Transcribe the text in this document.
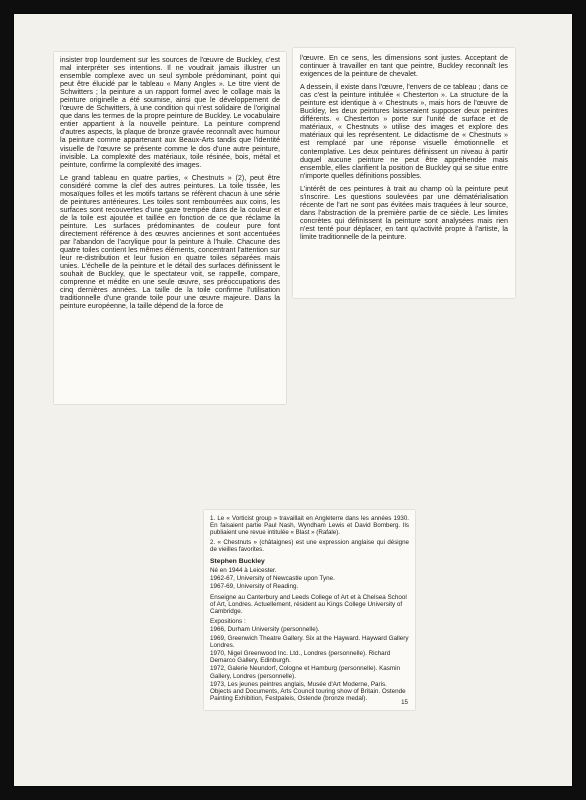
insister trop lourdement sur les sources de l'œuvre de Buckley, c'est mal interpréter ses intentions. Il ne voudrait jamais illustrer un ensemble complexe avec un seul symbole prédominant, point qui peut être élucidé par le tableau « Many Angles ». Le titre vient de Schwitters ; la peinture a un rapport formel avec le collage mais la peinture originelle a été soumise, ainsi que le développement de l'œuvre de Schwitters, à une condition qui n'est solidaire de l'original que dans les termes de la propre peinture de Buckley. Le vocabulaire entier appartient à la nouvelle peinture. La peinture comprend d'autres aspects, la plaque de bronze gravée reconnaît avec humour la peinture comme appartenant aux Beaux-Arts tandis que l'identité visuelle de l'œuvre se présente comme le dos d'une autre peinture, invisible. La complexité des matériaux, toile résinée, bois, métal et peinture, confirme la complexité des images.

Le grand tableau en quatre parties, « Chestnuts » (2), peut être considéré comme la clef des autres peintures. La toile tissée, les mosaïques folles et les motifs tartans se réfèrent chacun à une série de peintures antérieures. Les toiles sont rembourrées aux coins, les surfaces sont recouvertes d'une gaze trempée dans de la couleur et de la toile est ajoutée et taillée en fonction de ce que réclame la peinture. Les surfaces prédominantes de couleur pure font directement référence à des œuvres anciennes et sont accentuées par l'abandon de l'acrylique pour la peinture à l'huile. Chacune des quatre toiles contient les mêmes éléments, concentrant l'attention sur leur re-distribution et leur fusion en quatre toiles séparées mais unies. L'échelle de la peinture et le détail des surfaces définissent le souhait de Buckley, que le spectateur voit, se rappelle, compare, comprenne et médite en une seule œuvre, ses préoccupations des cinq dernières années. La taille de la toile confirme l'utilisation traditionnelle d'une grande toile pour une œuvre majeure. Dans la peinture européenne, la taille dépend de la force de

l'œuvre. En ce sens, les dimensions sont justes. Acceptant de continuer à travailler en tant que peintre, Buckley reconnaît les exigences de la peinture de chevalet.

A dessein, il existe dans l'œuvre, l'envers de ce tableau ; dans ce cas c'est la peinture intitulée « Chesterton ». La structure de la peinture est identique à « Chestnuts », mais hors de l'œuvre de Buckley, les deux peintures laisseraient supposer deux peintres différents. « Chesterton » porte sur l'unité de surface et de matériaux, « Chestnuts » utilise des images et explore des matériaux qui les représentent. Le didactisme de « Chestnuts » est remplacé par une réponse visuelle émotionnelle et contemplative. Les deux peintures définissent un niveau à partir duquel aucune peinture ne peut être appréhendée mais ensemble, elles clarifient la position de Buckley qui se situe entre n'importe quelles définitions possibles.

L'intérêt de ces peintures à trait au champ où la peinture peut s'inscrire. Les questions soulevées par une dématérialisation récente de l'art ne sont pas évitées mais traquées à leur source, dans l'abstraction de la première partie de ce siècle. Les limites concrètes qui définissent la peinture sont analysées mais rien n'est tenté pour déplacer, en tant qu'activité propre à l'artiste, la limite traditionnelle de la peinture.

1. Le « Vorticist group » travaillait en Angleterre dans les années 1930. En faisaient partie Paul Nash, Wyndham Lewis et David Bomberg. Ils publiaient une revue intitulée « Blast » (Rafale).

2. « Chestnuts » (châtaignes) est une expression anglaise qui désigne de vieilles favorites.

Stephen Buckley

Né en 1944 à Leicester.

1962-67, University of Newcastle upon Tyne.

1967-69, University of Reading.

Enseigne au Canterbury and Leeds College of Art et à Chelsea School of Art, Londres. Actuellement, résident au Kings College University of Cambridge.

Expositions :

1966, Durham University (personnelle).

1969, Greenwich Theatre Gallery. Six at the Hayward. Hayward Gallery Londres.

1970, Nigel Greenwood Inc. Ltd., Londres (personnelle). Richard Demarco Gallery, Edinburgh.

1972, Galerie Neundorf, Cologne et Hamburg (personnelle). Kasmin Gallery, Londres (personnelle).

1973, Les jeunes peintres anglais, Musée d'Art Moderne, Paris. Objects and Documents, Arts Council touring show of Britain. Ostende Painting Exhibition, Festpaleis, Ostende (bronze medal).

15
